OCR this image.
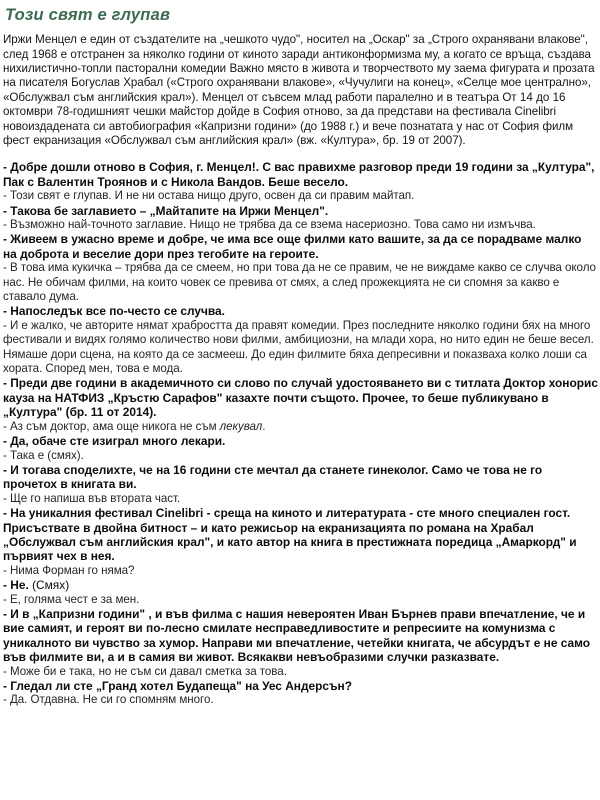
Този свят е глупав

Иржи Менцел е един от създателите на „чешкото чудо", носител на „Оскар" за „Строго охранявани влакове", след 1968 е отстранен за няколко години от киното заради антиконформизма му, а когато се връща, създава нихилистично-топли пасторални комедии Важно място в живота и творчеството му заема фигурата и прозата на писателя Богуслав Храбал («Строго охранявани влакове», «Чучулиги на конец», «Селце мое централно», «Обслужвал съм английския крал»). Менцел от съвсем млад работи паралелно и в театъра От 14 до 16 октомври 78-годишният чешки майстор дойде в София отново, за да представи на фестивала Cinelibri новоиздадената си автобиография «Капризни години» (до 1988 г.) и вече познатата у нас от София филм фест екранизация «Обслужвал съм английския крал» (вж. «Култура», бр. 19 от 2007).

- Добре дошли отново в София, г. Менцел!. С вас правихме разговор преди 19 години за „Култура", Пак с Валентин Троянов и с Никола Вандов. Беше весело.

- Този свят е глупав. И не ни остава нищо друго, освен да си правим майтап.

- Такова бе заглавието – „Майтапите на Иржи Менцел".

- Възможно най-точното заглавие. Нищо не трябва да се взема насериозно. Това само ни измъчва.

- Живеем в ужасно време и добре, че има все още филми като вашите, за да се порадваме малко на доброта и веселие дори през тегобите на героите.

- В това има кукичка – трябва да се смеем, но при това да не се правим, че не виждаме какво се случва около нас. Не обичам филми, на които човек се превива от смях, а след прожекцията не си спомня за какво е ставало дума.

- Напоследък все по-често се случва.

- И е жалко, че авторите нямат храбростта да правят комедии. През последните няколко години бях на много фестивали и видях голямо количество нови филми, амбициозни, на млади хора, но нито един не беше весел. Нямаше дори сцена, на която да се засмееш. До един филмите бяха депресивни и показваха колко лоши са хората. Според мен, това е мода.

- Преди две години в академичното си слово по случай удостояването ви с титлата Доктор хонорис кауза на НАТФИЗ „Кръстю Сарафов" казахте почти същото. Прочее, то беше публикувано в „Култура" (бр. 11 от 2014).

- Аз съм доктор, ама още никога не съм лекувал.

- Да, обаче сте изиграл много лекари.

- Така е (смях).

- И тогава споделихте, че на 16 години сте мечтал да станете гинеколог. Само че това не го прочетох в книгата ви.

- Ще го напиша във втората част.

- На уникалния фестивал Cinelibri - среща на киното и литературата - сте много специален гост. Присъствате в двойна битност – и като режисьор на екранизацията по романа на Храбал „Обслужвал съм английския крал", и като автор на книга в престижната поредица „Амаркорд" и първият чех в нея.

- Нима Форман го няма?

- Не. (Смях)

- Е, голяма чест е за мен.

- И в „Капризни години" , и във филма с нашия невероятен Иван Бърнев прави впечатление, че и вие самият, и героят ви по-лесно смилате несправедливостите и репресиите на комунизма с уникалното ви чувство за хумор. Направи ми впечатление, четейки книгата, че абсурдът е не само във филмите ви, а и в самия ви живот. Всякакви невъобразими случки разказвате.

- Може би е така, но не съм си давал сметка за това.

- Гледал ли сте „Гранд хотел Будапеща" на Уес Андерсън?

- Да. Отдавна. Не си го спомням много.
